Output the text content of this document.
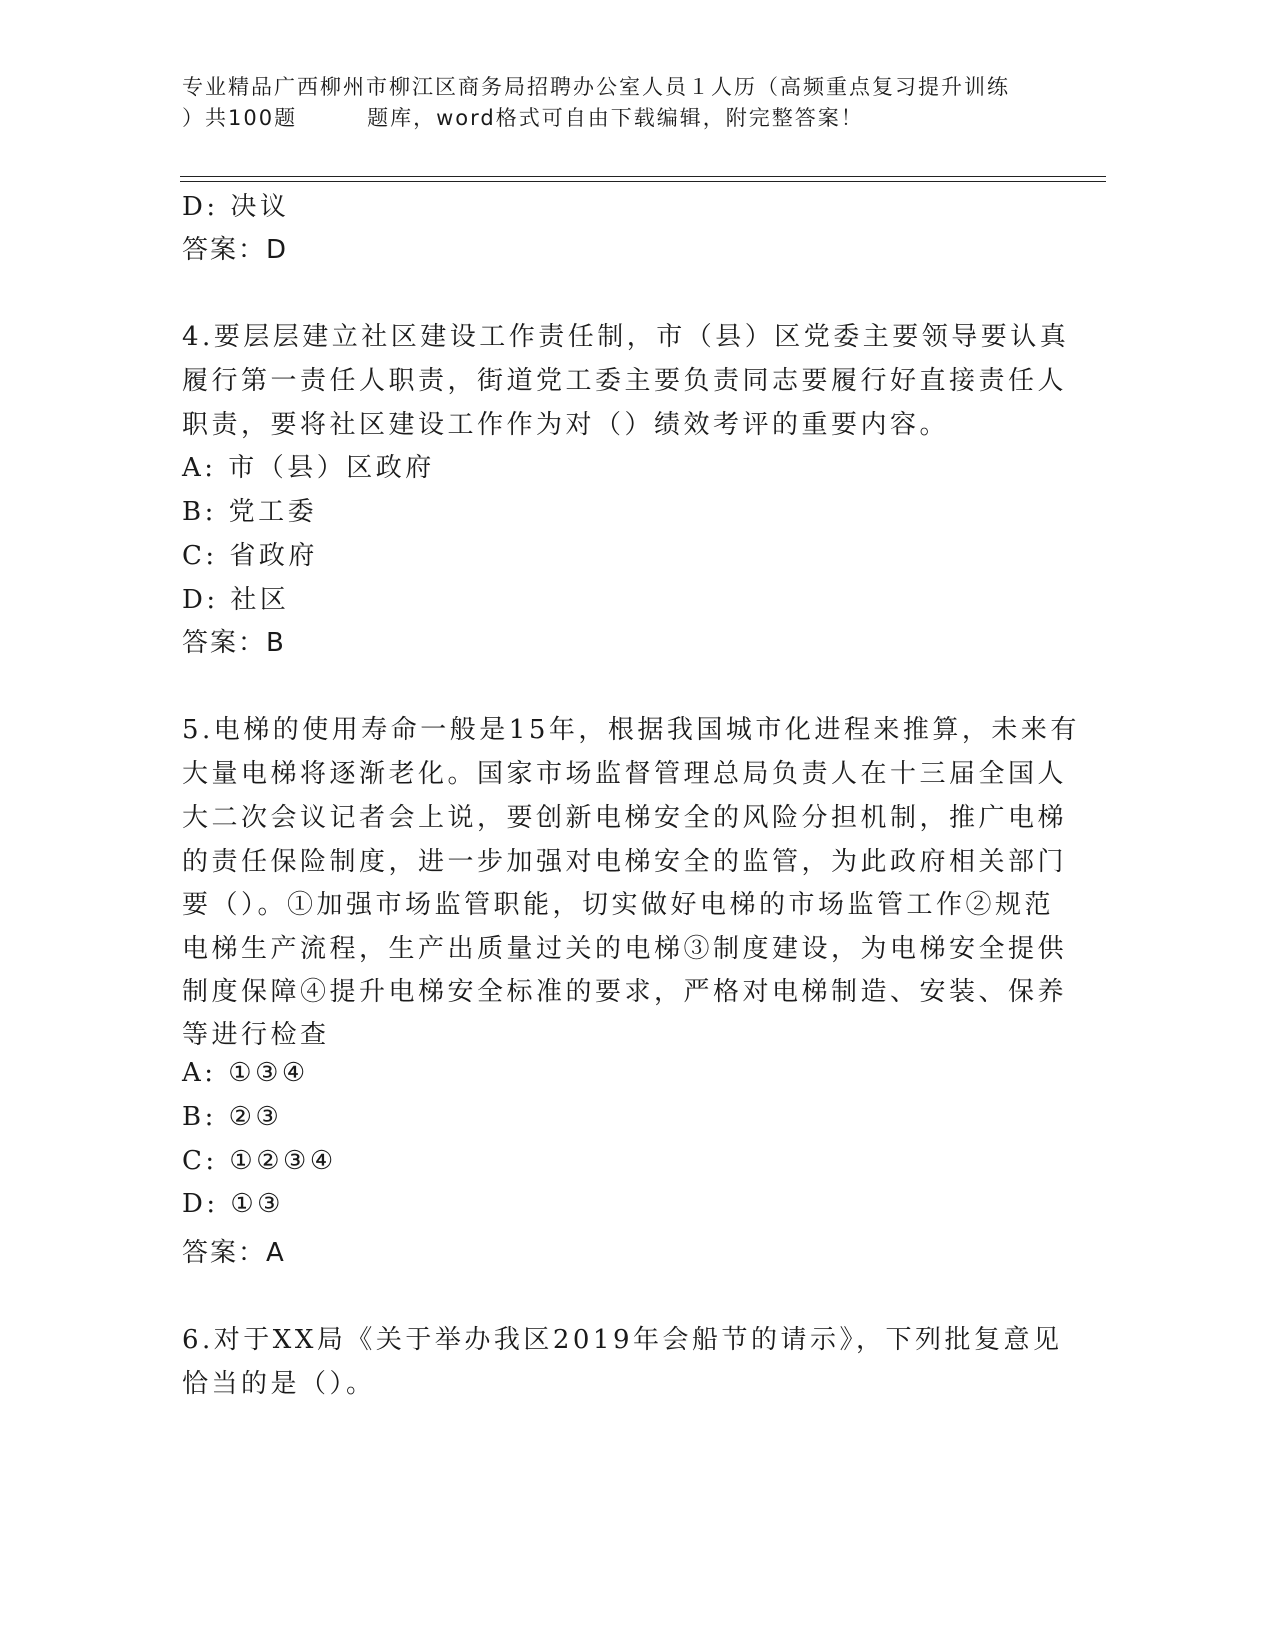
专业精品广西柳州市柳江区商务局招聘办公室人员１人历（高频重点复习提升训练
）共100题	题库，word格式可自由下载编辑，附完整答案！
D: 决议
答案：D
4.要层层建立社区建设工作责任制，市（县）区党委主要领导要认真
履行第一责任人职责，街道党工委主要负责同志要履行好直接责任人
职责，要将社区建设工作作为对（）绩效考评的重要内容。
A: 市（县）区政府
B: 党工委
C: 省政府
D: 社区
答案：B
5.电梯的使用寿命一般是15年，根据我国城市化进程来推算，未来有
大量电梯将逐渐老化。国家市场监督管理总局负责人在十三届全国人
大二次会议记者会上说，要创新电梯安全的风险分担机制，推广电梯
的责任保险制度，进一步加强对电梯安全的监管，为此政府相关部门
要（）。①加强市场监管职能，切实做好电梯的市场监管工作②规范
电梯生产流程，生产出质量过关的电梯③制度建设，为电梯安全提供
制度保障④提升电梯安全标准的要求，严格对电梯制造、安装、保养
等进行检查
A: ①③④
B: ②③
C: ①②③④
D: ①③
答案：A
6.对于XX局《关于举办我区2019年会船节的请示》，下列批复意见
恰当的是（）。
